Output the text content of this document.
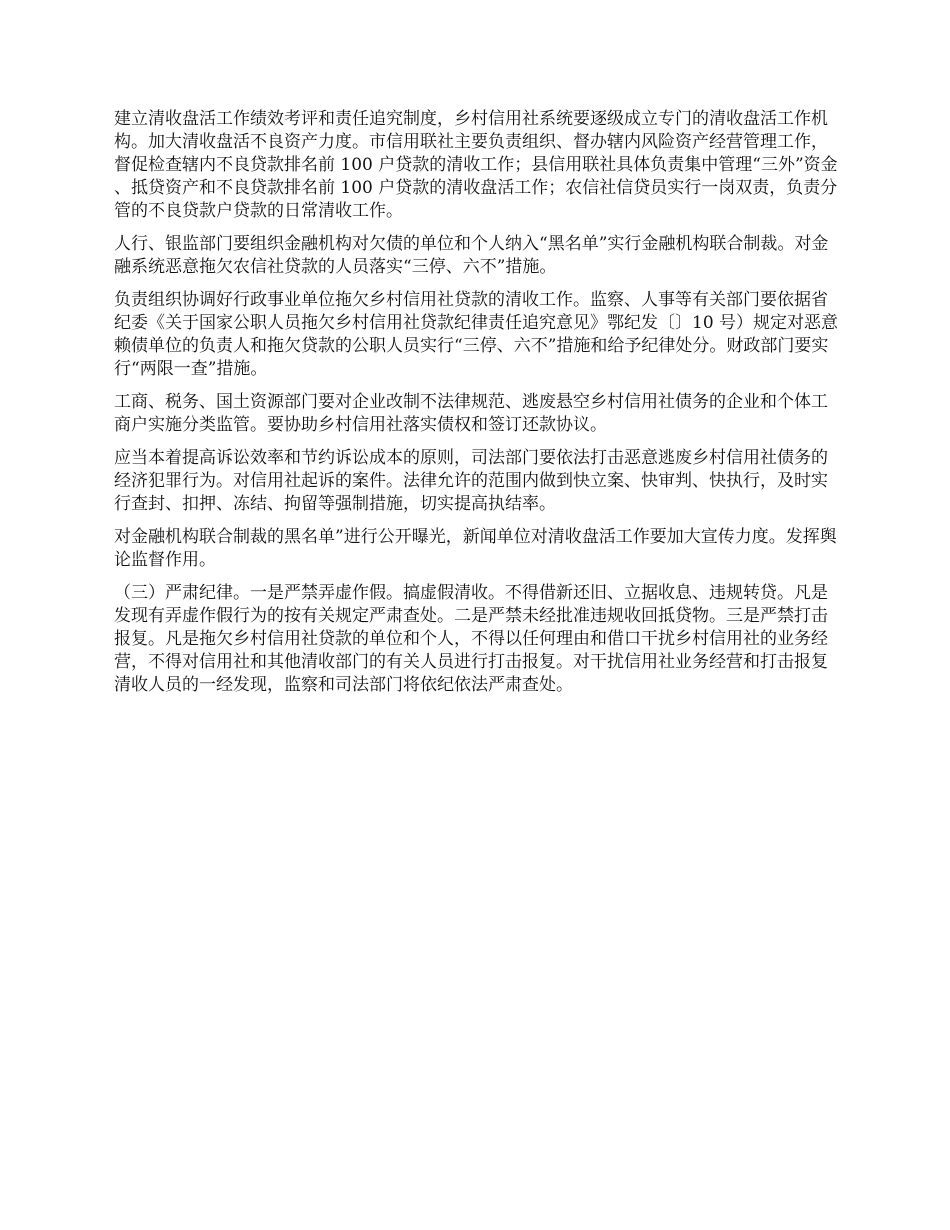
建立清收盘活工作绩效考评和责任追究制度，乡村信用社系统要逐级成立专门的清收盘活工作机构。加大清收盘活不良资产力度。市信用联社主要负责组织、督办辖内风险资产经营管理工作，督促检查辖内不良贷款排名前 100 户贷款的清收工作；县信用联社具体负责集中管理“三外”资金、抵贷资产和不良贷款排名前 100 户贷款的清收盘活工作；农信社信贷员实行一岗双责，负责分管的不良贷款户贷款的日常清收工作。

人行、银监部门要组织金融机构对欠债的单位和个人纳入“黑名单”实行金融机构联合制裁。对金融系统恶意拖欠农信社贷款的人员落实“三停、六不”措施。

负责组织协调好行政事业单位拖欠乡村信用社贷款的清收工作。监察、人事等有关部门要依据省纪委《关于国家公职人员拖欠乡村信用社贷款纪律责任追究意见》鄂纪发〔〕10 号）规定对恶意赖债单位的负责人和拖欠贷款的公职人员实行“三停、六不”措施和给予纪律处分。财政部门要实行“两限一查”措施。

工商、税务、国土资源部门要对企业改制不法律规范、逃废悬空乡村信用社债务的企业和个体工商户实施分类监管。要协助乡村信用社落实债权和签订还款协议。

应当本着提高诉讼效率和节约诉讼成本的原则，司法部门要依法打击恶意逃废乡村信用社债务的经济犯罪行为。对信用社起诉的案件。法律允许的范围内做到快立案、快审判、快执行，及时实行查封、扣押、冻结、拘留等强制措施，切实提高执结率。

对金融机构联合制裁的黑名单”进行公开曝光，新闻单位对清收盘活工作要加大宣传力度。发挥舆论监督作用。

（三）严肃纪律。一是严禁弄虚作假。搞虚假清收。不得借新还旧、立据收息、违规转贷。凡是发现有弄虚作假行为的按有关规定严肃查处。二是严禁未经批准违规收回抵贷物。三是严禁打击报复。凡是拖欠乡村信用社贷款的单位和个人，不得以任何理由和借口干扰乡村信用社的业务经营，不得对信用社和其他清收部门的有关人员进行打击报复。对干扰信用社业务经营和打击报复清收人员的一经发现，监察和司法部门将依纪依法严肃查处。
